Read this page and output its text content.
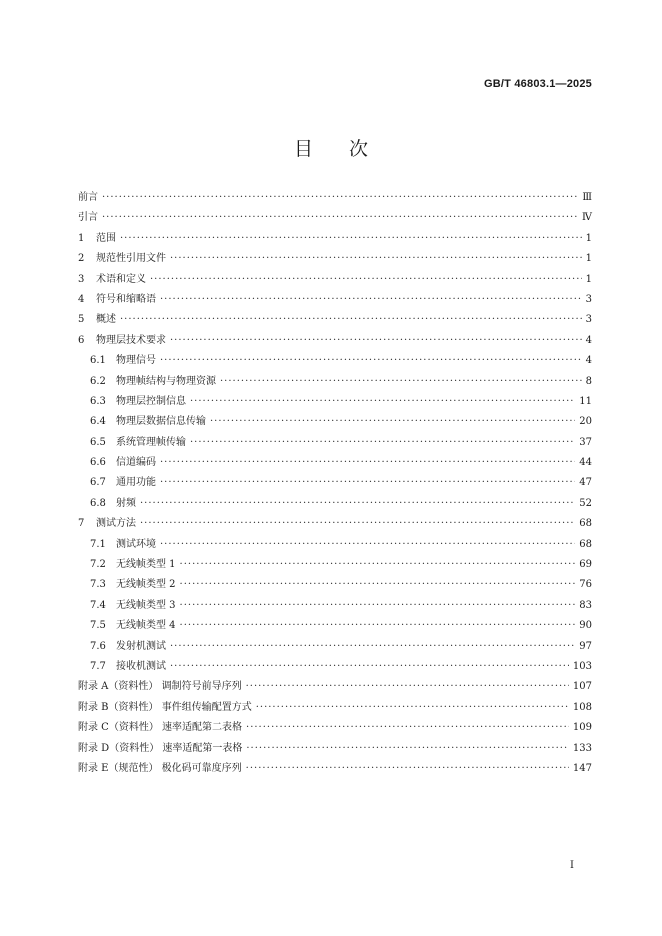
GB/T 46803.1—2025
目次
前言 ·····	Ⅲ
引言 ·····	Ⅳ
1	范围 ·····	1
2	规范性引用文件 ·····	1
3	术语和定义 ·····	1
4	符号和缩略语 ·····	3
5	概述 ·····	3
6	物理层技术要求 ·····	4
6.1	物理信号 ·····	4
6.2	物理帧结构与物理资源 ·····	8
6.3	物理层控制信息 ·····	11
6.4	物理层数据信息传输 ·····	20
6.5	系统管理帧传输 ·····	37
6.6	信道编码 ·····	44
6.7	通用功能 ·····	47
6.8	射频 ·····	52
7	测试方法 ·····	68
7.1	测试环境 ·····	68
7.2	无线帧类型 1 ·····	69
7.3	无线帧类型 2 ·····	76
7.4	无线帧类型 3 ·····	83
7.5	无线帧类型 4 ·····	90
7.6	发射机测试 ·····	97
7.7	接收机测试 ·····	103
附录 A（资料性） 调制符号前导序列 ·····	107
附录 B（资料性） 事件组传输配置方式 ·····	108
附录 C（资料性） 速率适配第二表格 ·····	109
附录 D（资料性） 速率适配第一表格 ·····	133
附录 E（规范性） 极化码可靠度序列 ·····	147
I
